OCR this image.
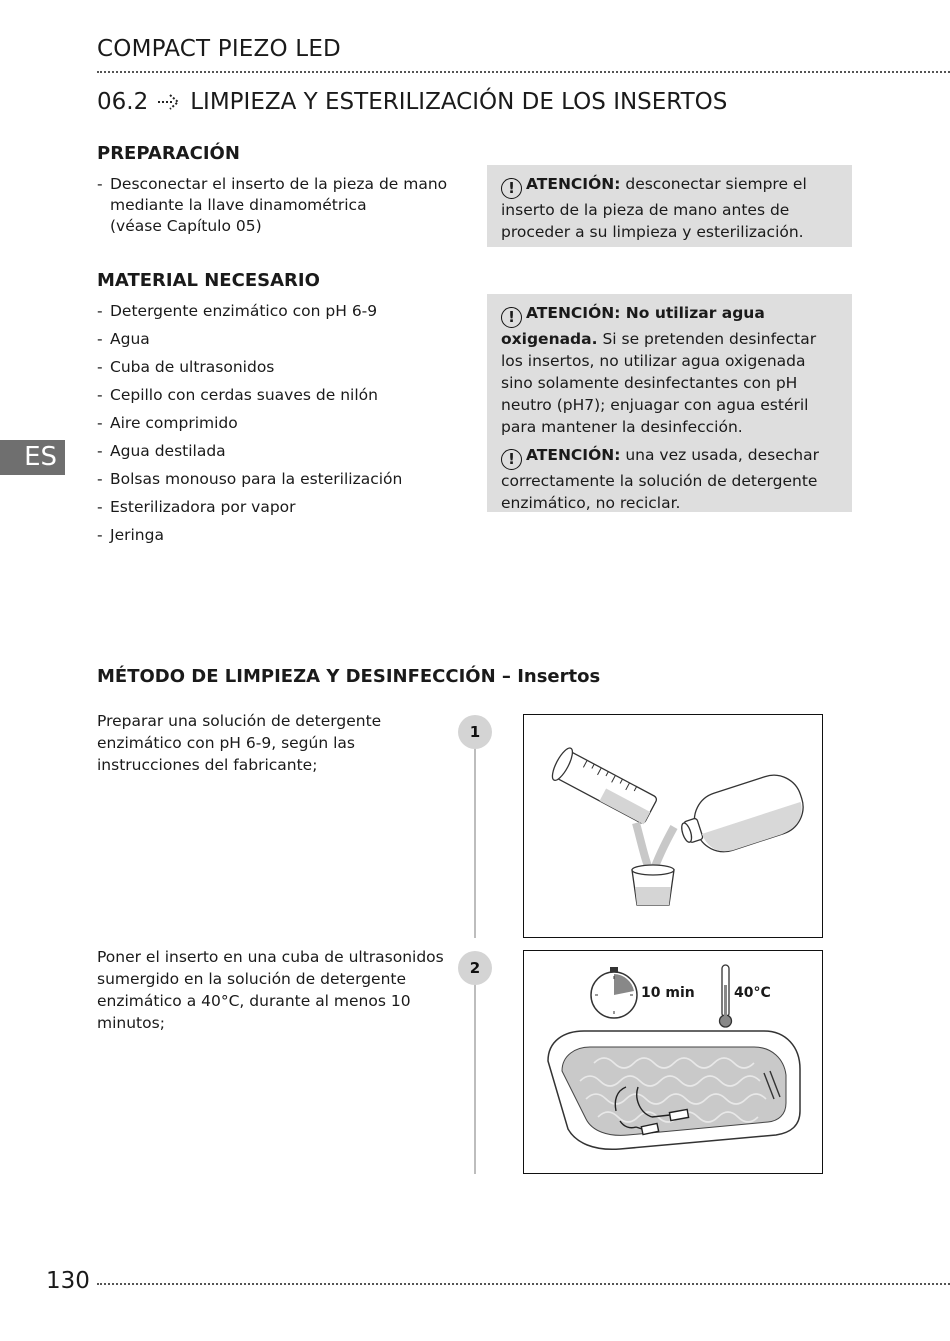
COMPACT PIEZO LED
06.2 LIMPIEZA Y ESTERILIZACIÓN DE LOS INSERTOS
PREPARACIÓN
- Desconectar el inserto de la pieza de mano
mediante la llave dinamométrica
(véase Capítulo 05)
! ATENCIÓN: desconectar siempre el inserto de la pieza de mano antes de proceder a su limpieza y esterilización.
MATERIAL NECESARIO
- Detergente enzimático con pH 6-9
- Agua
- Cuba de ultrasonidos
- Cepillo con cerdas suaves de nilón
- Aire comprimido
- Agua destilada
- Bolsas monouso para la esterilización
- Esterilizadora por vapor
- Jeringa
! ATENCIÓN: No utilizar agua oxigenada. Si se pretenden desinfectar los insertos, no utilizar agua oxigenada sino solamente desinfectantes con pH neutro (pH7); enjuagar con agua estéril para mantener la desinfección.
! ATENCIÓN: una vez usada, desechar correctamente la solución de detergente enzimático, no reciclar.
ES
MÉTODO DE LIMPIEZA Y DESINFECCIÓN – Insertos
Preparar una solución de detergente enzimático con pH 6-9, según las instrucciones del fabricante;
1
Poner el inserto en una cuba de ultrasonidos sumergido en la solución de detergente enzimático a 40°C, durante al menos 10 minutos;
2
10 min	40°C
130
